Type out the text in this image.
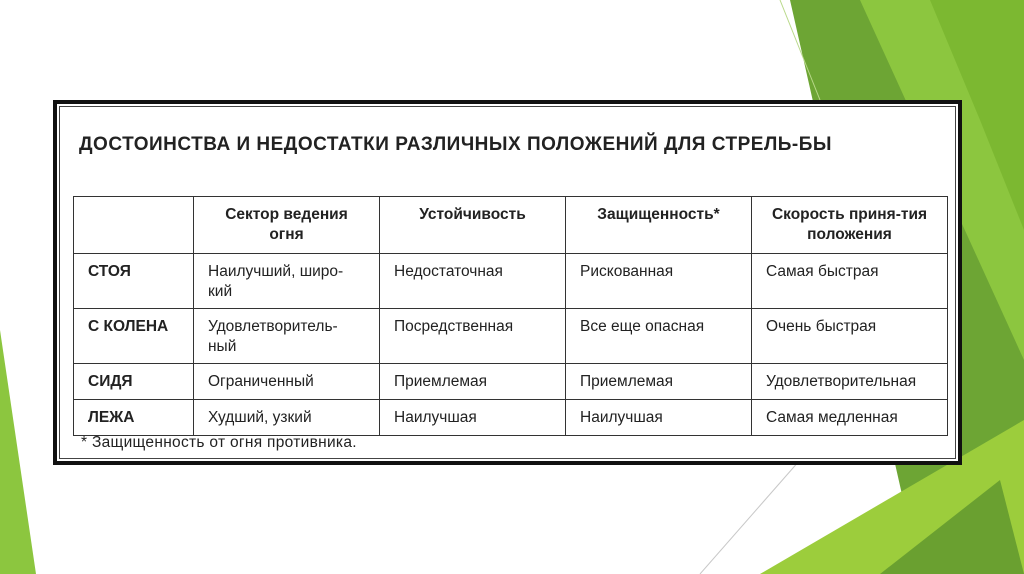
ДОСТОИНСТВА И НЕДОСТАТКИ РАЗЛИЧНЫХ ПОЛОЖЕНИЙ ДЛЯ СТРЕЛЬ-БЫ

	Сектор ведения огня	Устойчивость	Защищенность*	Скорость приня-тия положения
СТОЯ	Наилучший, широ-кий	Недостаточная	Рискованная	Самая быстрая
С КОЛЕНА	Удовлетворитель-ный	Посредственная	Все еще опасная	Очень быстрая
СИДЯ	Ограниченный	Приемлемая	Приемлемая	Удовлетворительная
ЛЕЖА	Худший, узкий	Наилучшая	Наилучшая	Самая медленная

* Защищенность от огня противника.
